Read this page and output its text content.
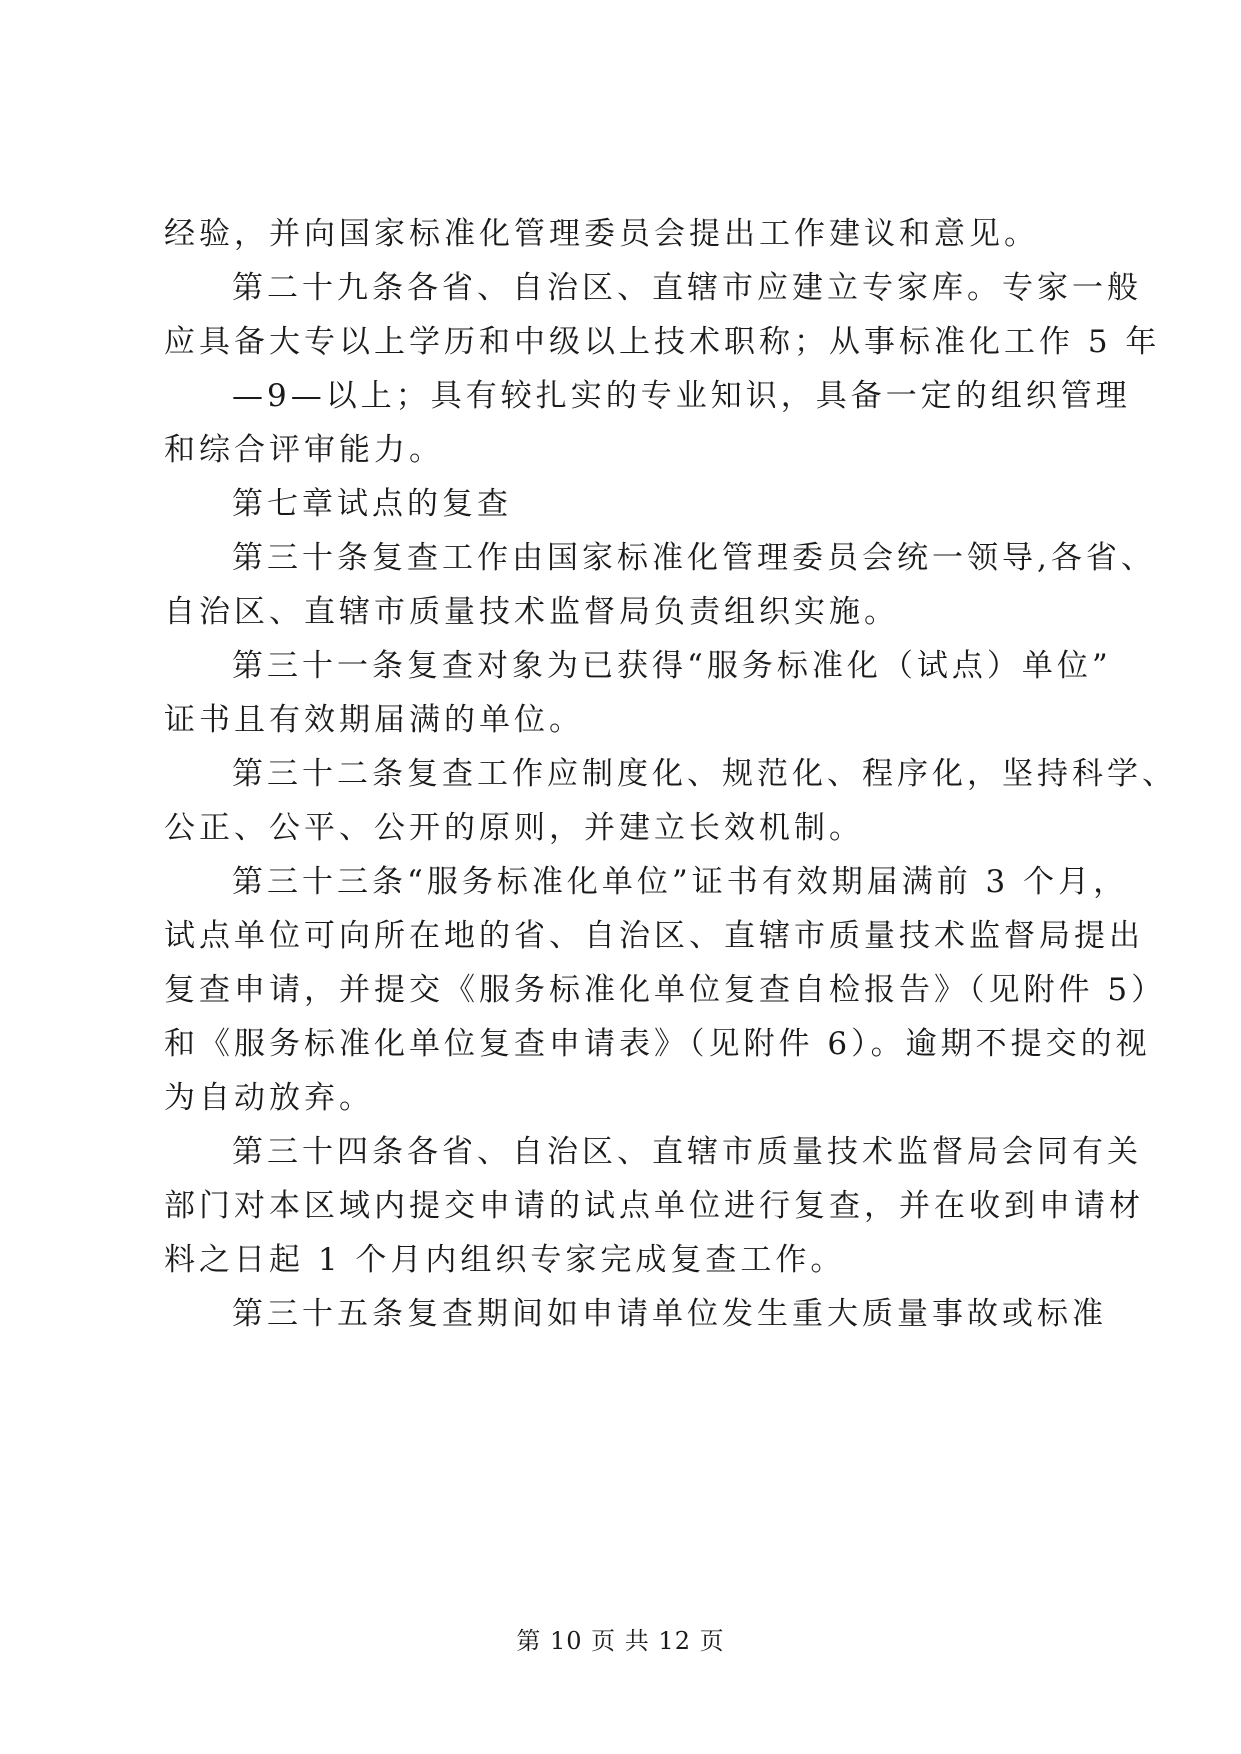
经验，并向国家标准化管理委员会提出工作建议和意见。
第二十九条各省、自治区、直辖市应建立专家库。专家一般
应具备大专以上学历和中级以上技术职称；从事标准化工作 5 年
—9—以上；具有较扎实的专业知识，具备一定的组织管理
和综合评审能力。
第七章试点的复查
第三十条复查工作由国家标准化管理委员会统一领导,各省、
自治区、直辖市质量技术监督局负责组织实施。
第三十一条复查对象为已获得“服务标准化（试点）单位”
证书且有效期届满的单位。
第三十二条复查工作应制度化、规范化、程序化，坚持科学、
公正、公平、公开的原则，并建立长效机制。
第三十三条“服务标准化单位”证书有效期届满前 3 个月，
试点单位可向所在地的省、自治区、直辖市质量技术监督局提出
复查申请，并提交《服务标准化单位复查自检报告》（见附件 5）
和《服务标准化单位复查申请表》（见附件 6）。逾期不提交的视
为自动放弃。
第三十四条各省、自治区、直辖市质量技术监督局会同有关
部门对本区域内提交申请的试点单位进行复查，并在收到申请材
料之日起 1 个月内组织专家完成复查工作。
第三十五条复查期间如申请单位发生重大质量事故或标准
第 10 页 共 12 页
